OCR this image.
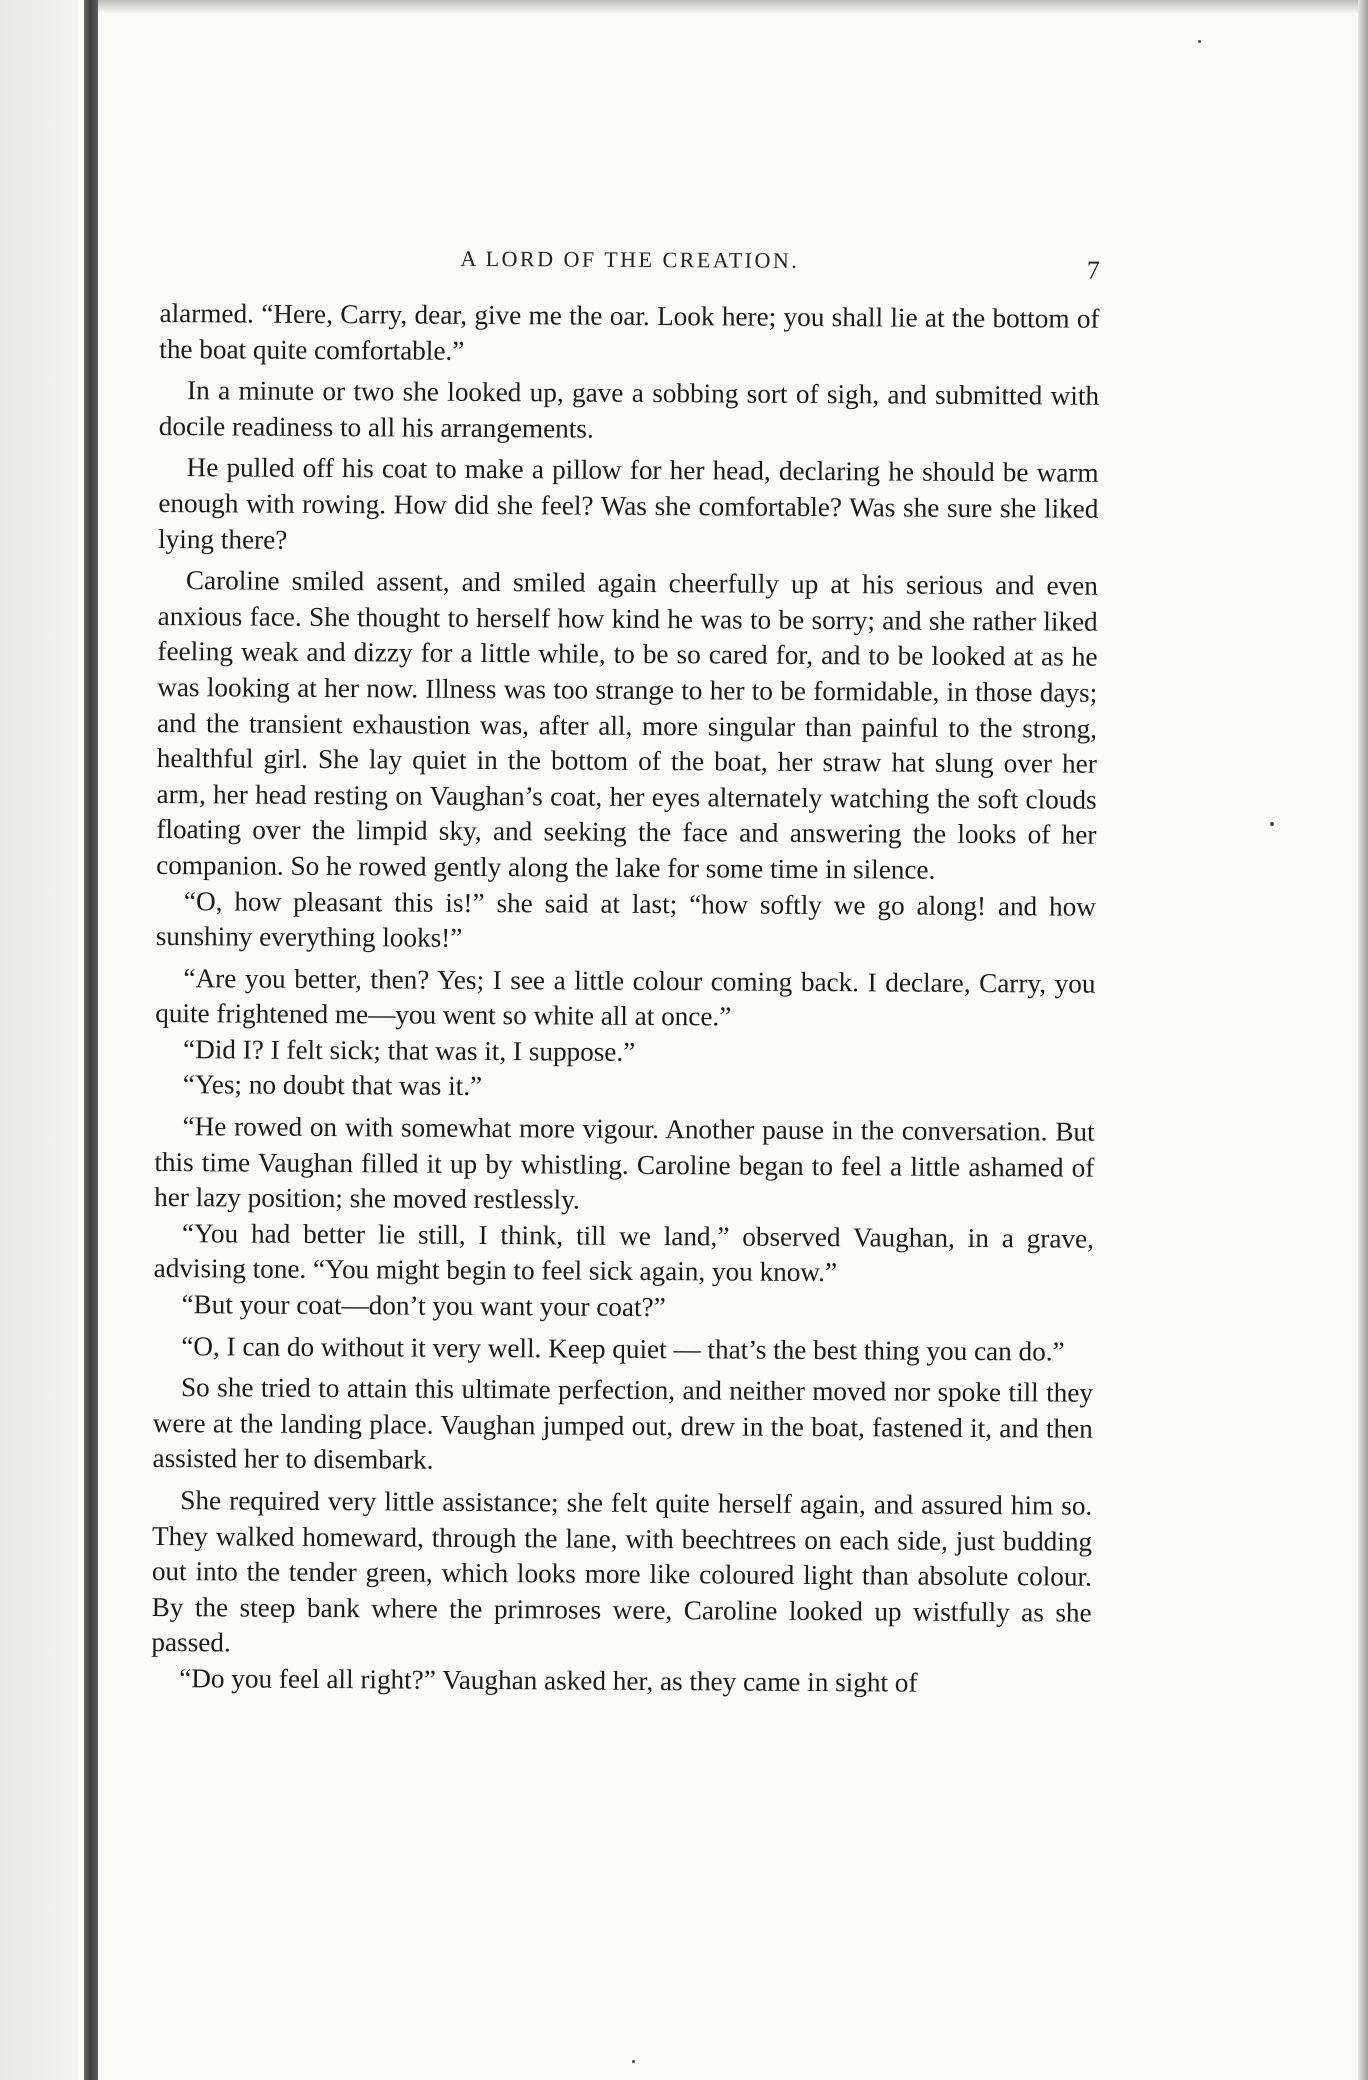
A LORD OF THE CREATION.	7

alarmed. “Here, Carry, dear, give me the oar. Look here; you shall lie at the bottom of the boat quite comfortable.”

In a minute or two she looked up, gave a sobbing sort of sigh, and submitted with docile readiness to all his arrangements.

He pulled off his coat to make a pillow for her head, declaring he should be warm enough with rowing. How did she feel? Was she comfortable? Was she sure she liked lying there?

Caroline smiled assent, and smiled again cheerfully up at his serious and even anxious face. She thought to herself how kind he was to be sorry; and she rather liked feeling weak and dizzy for a little while, to be so cared for, and to be looked at as he was looking at her now. Illness was too strange to her to be formidable, in those days; and the transient exhaustion was, after all, more singular than painful to the strong, healthful girl. She lay quiet in the bottom of the boat, her straw hat slung over her arm, her head resting on Vaughan’s coat, her eyes alternately watching the soft clouds floating over the limpid sky, and seeking the face and answering the looks of her companion. So he rowed gently along the lake for some time in silence.

“O, how pleasant this is!” she said at last; “how softly we go along! and how sunshiny everything looks!”

“Are you better, then? Yes; I see a little colour coming back. I declare, Carry, you quite frightened me—you went so white all at once.”

“Did I? I felt sick; that was it, I suppose.”

“Yes; no doubt that was it.”

“He rowed on with somewhat more vigour. Another pause in the conversation. But this time Vaughan filled it up by whistling. Caroline began to feel a little ashamed of her lazy position; she moved restlessly.

“You had better lie still, I think, till we land,” observed Vaughan, in a grave, advising tone. “You might begin to feel sick again, you know.”

“But your coat—don’t you want your coat?”

“O, I can do without it very well. Keep quiet — that’s the best thing you can do.”

So she tried to attain this ultimate perfection, and neither moved nor spoke till they were at the landing place. Vaughan jumped out, drew in the boat, fastened it, and then assisted her to disembark.

She required very little assistance; she felt quite herself again, and assured him so. They walked homeward, through the lane, with beechtrees on each side, just budding out into the tender green, which looks more like coloured light than absolute colour. By the steep bank where the primroses were, Caroline looked up wistfully as she passed.

“Do you feel all right?” Vaughan asked her, as they came in sight of
